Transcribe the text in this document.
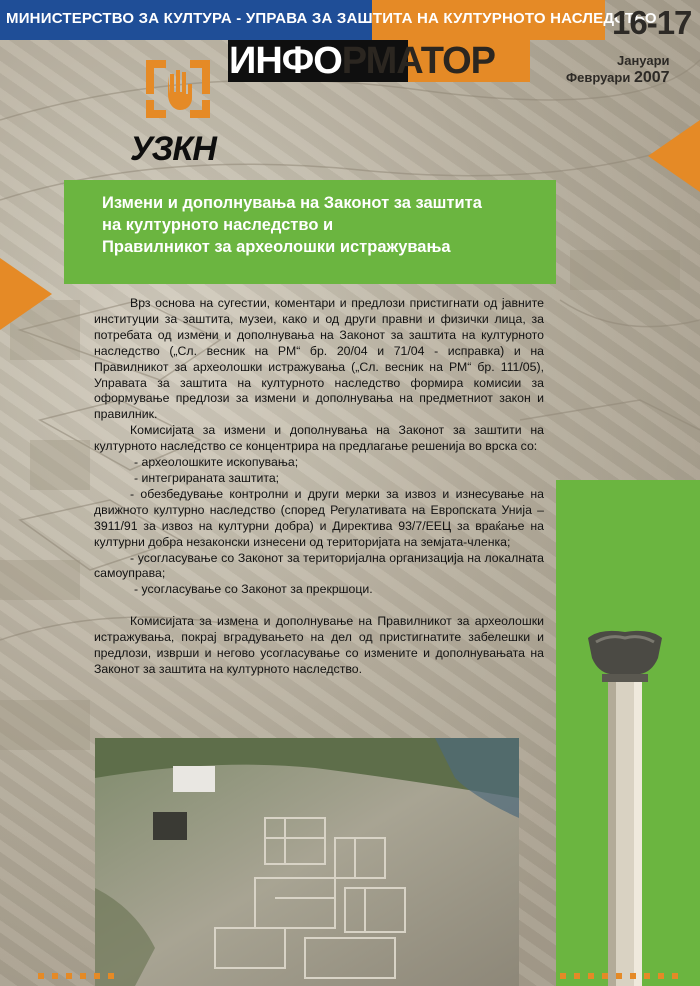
МИНИСТЕРСТВО ЗА КУЛТУРА - УПРАВА ЗА ЗАШТИТА НА КУЛТУРНОТО НАСЛЕДСТВО
16-17
ИНФОРМАТОР	Јануари
Февруари 2007
УЗКН
Измени и дополнувања на Законот за заштита
на културното наследство и
Правилникот за археолошки истражувања

Врз основа на сугестии, коментари и предлози пристигнати од јавните институции за заштита, музеи, како и од други правни и физички лица, за потребата од измени и дополнувања на Законот за заштита на културното наследство („Сл. весник на РМ“ бр. 20/04 и 71/04 - исправка) и на Правилникот за археолошки истражувања („Сл. весник на РМ“ бр. 111/05), Управата за заштита на културното наследство формира комисии за оформување предлози за измени и дополнувања на предметниот закон и правилник.

Комисијата за измени и дополнувања на Законот за заштити на културното наследство се концентрира на предлагање решенија во врска со:

- археолошките ископувања;

- интегрираната заштита;

- обезбедување контролни и други мерки за извоз и изнесување на движното културно наследство (според Регулативата на Европската Унија – 3911/91 за извоз на културни добра) и Директива 93/7/ЕЕЦ за враќање на културни добра незаконски изнесени од територијата на земјата-членка;

- усогласување со Законот за територијална организација на локалната самоуправа;

- усогласување со Законот за прекршоци.

Комисијата за измена и дополнување на Правилникот за археолошки истражувања, покрај вградувањето на дел од пристигнатите забелешки и предлози, изврши и негово усогласување со измените и дополнувањата на Законот за заштита на културното наследство.
